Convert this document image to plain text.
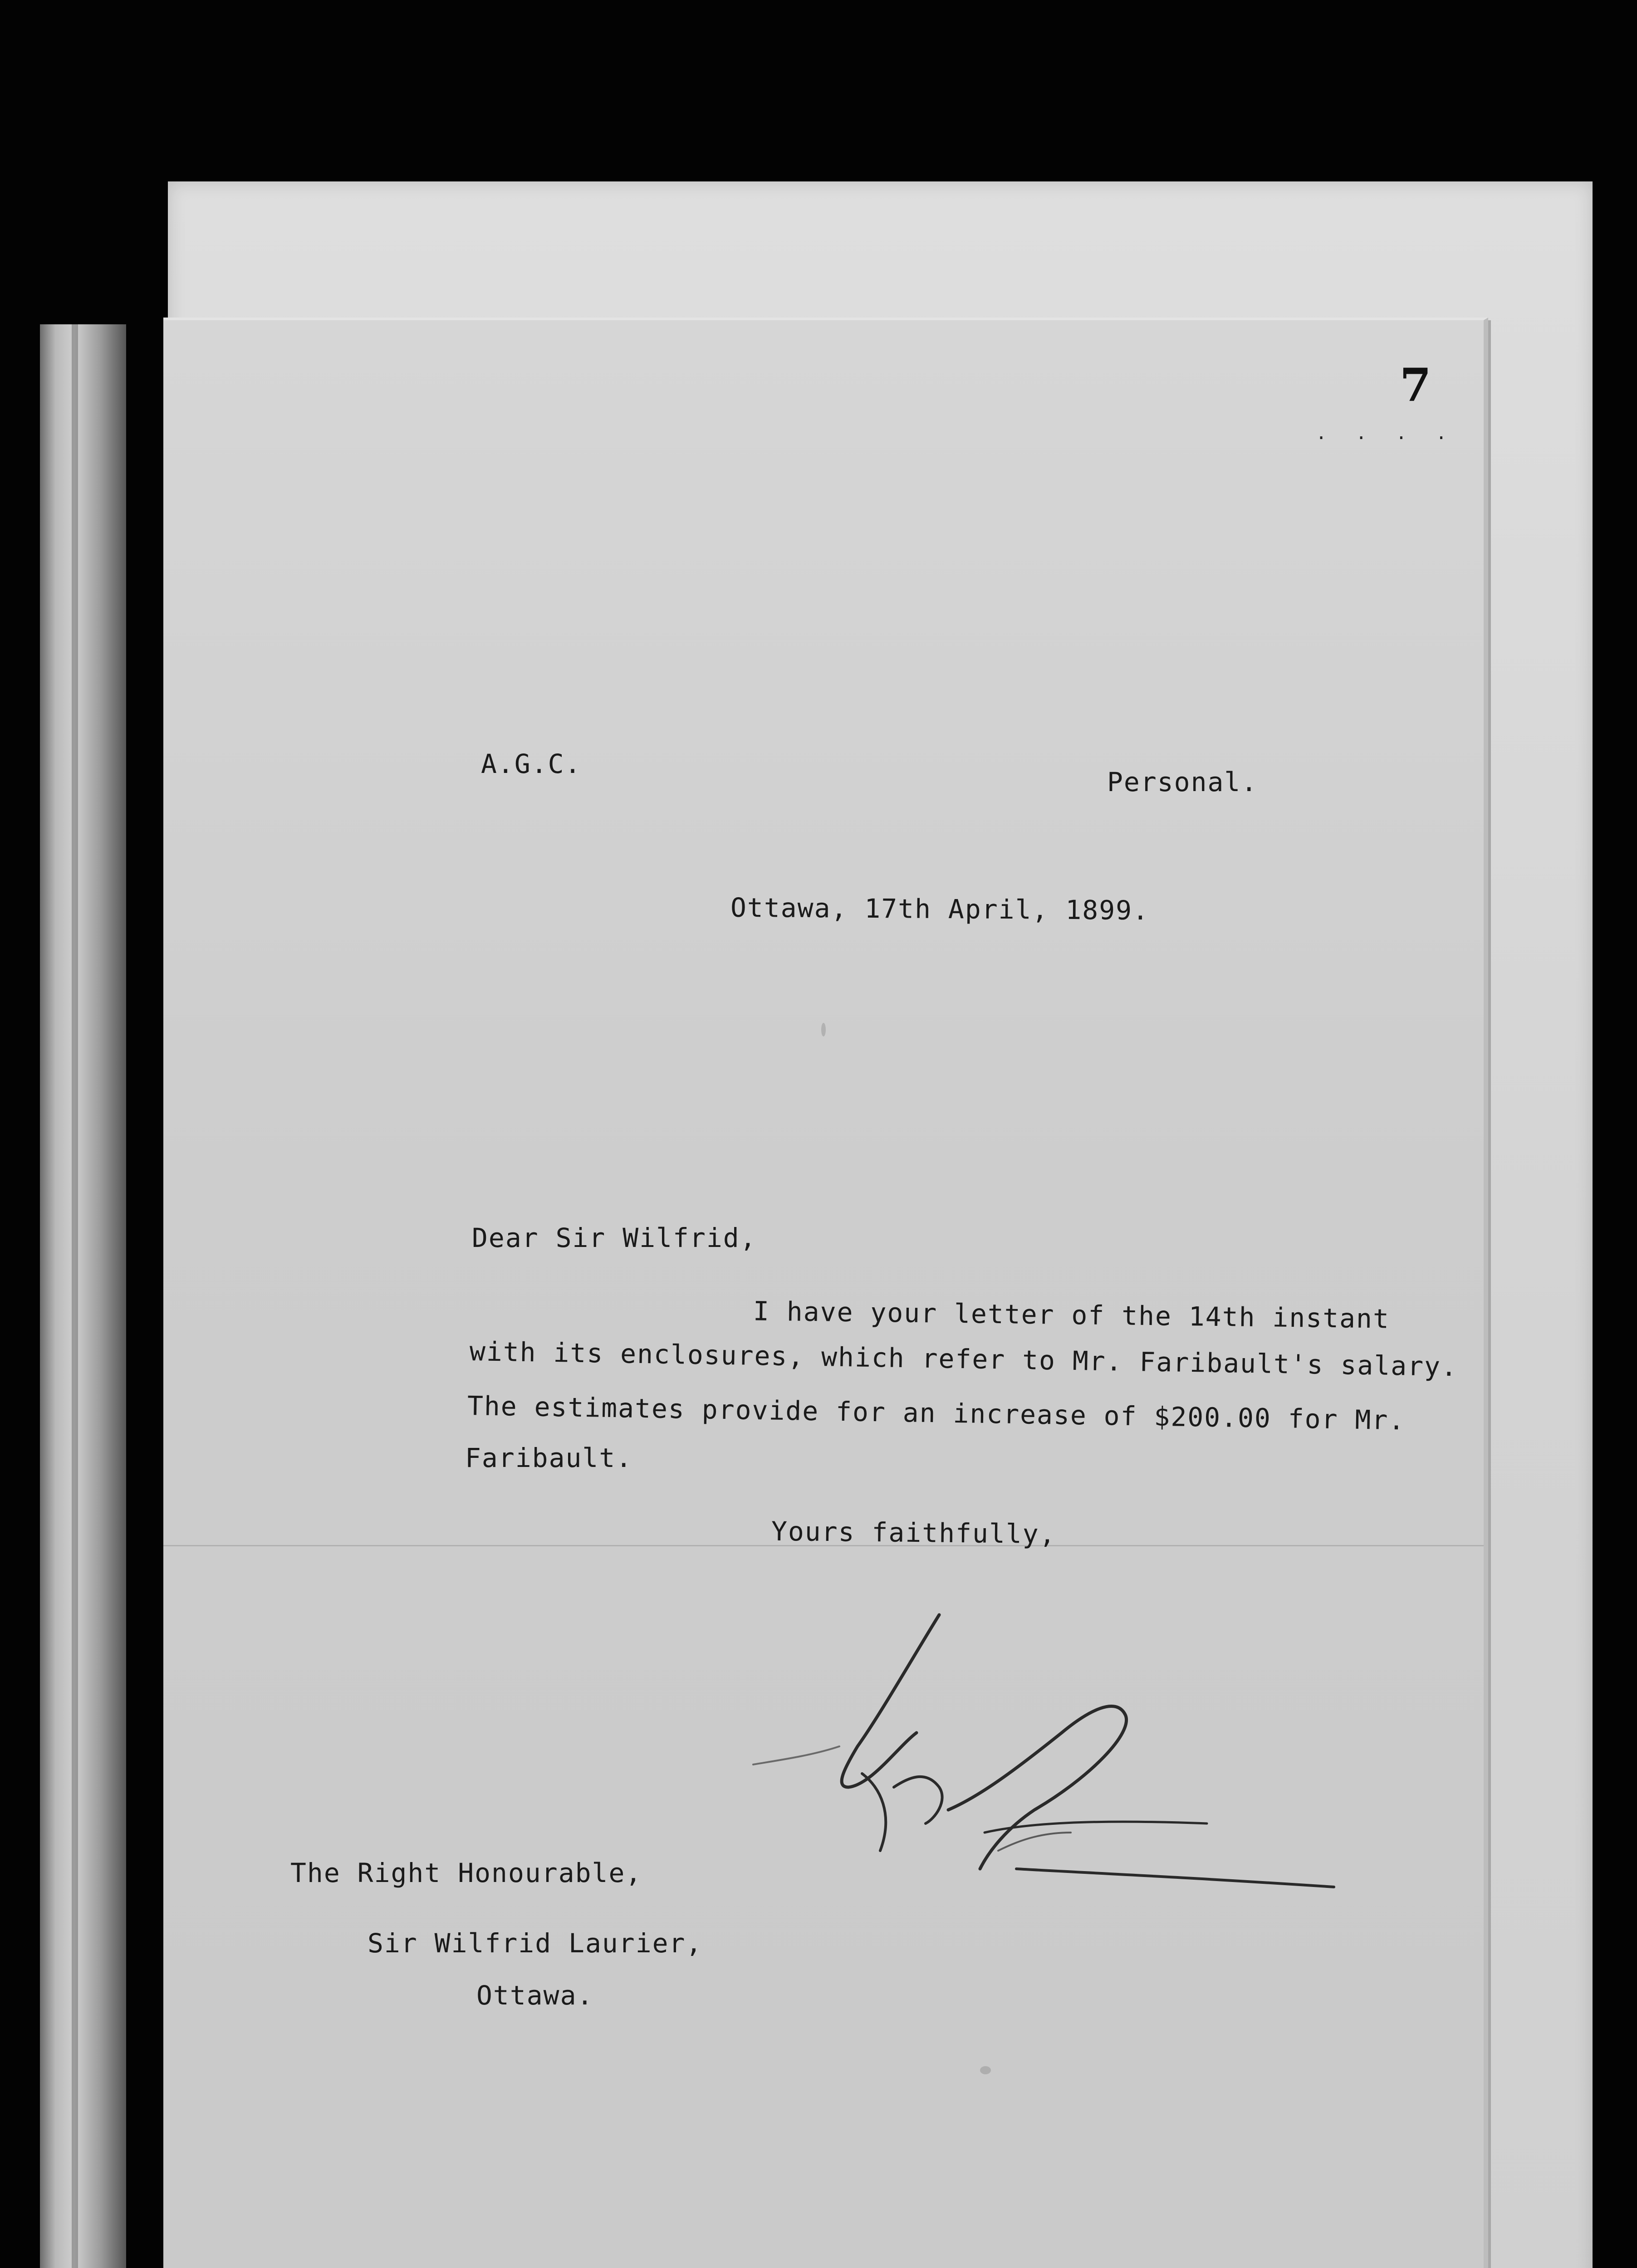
7
. . . .
A.G.C.
Personal.
Ottawa, 17th April, 1899.
Dear Sir Wilfrid,
I have your letter of the 14th instant
with its enclosures, which refer to Mr. Faribault's salary.
The estimates provide for an increase of $200.00 for Mr.
Faribault.
Yours faithfully,
The Right Honourable,
Sir Wilfrid Laurier,
Ottawa.
